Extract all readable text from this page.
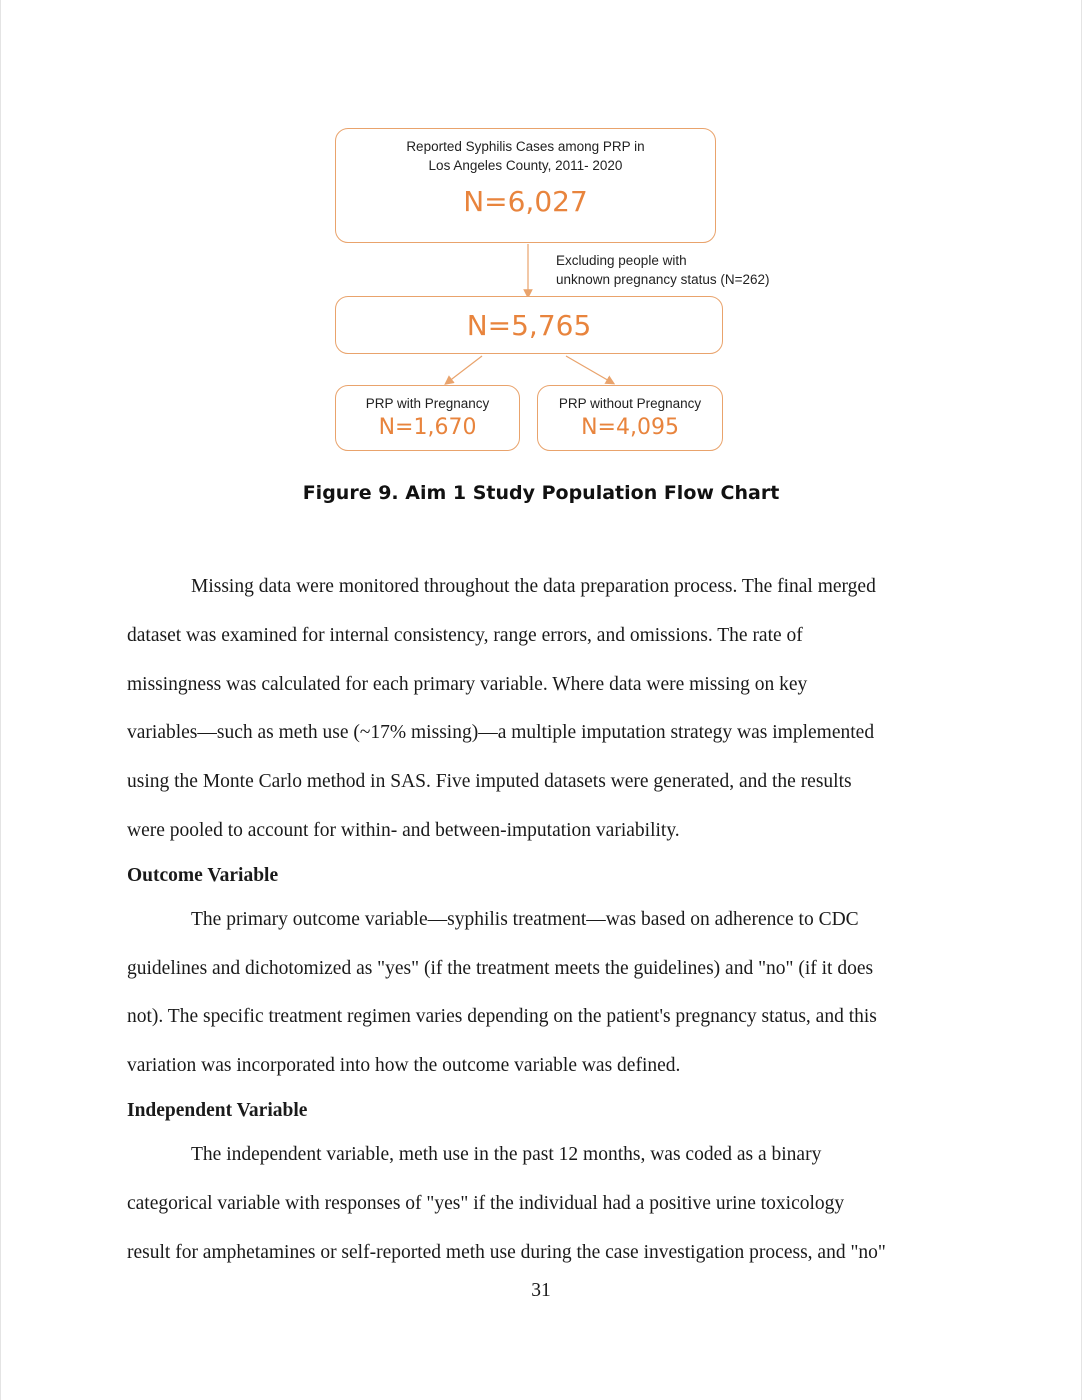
Reported Syphilis Cases among PRP in
Los Angeles County, 2011- 2020
N=6,027
Excluding people with
unknown pregnancy status (N=262)
N=5,765
PRP with Pregnancy
N=1,670
PRP without Pregnancy
N=4,095
Figure 9. Aim 1 Study Population Flow Chart

Missing data were monitored throughout the data preparation process. The final merged
dataset was examined for internal consistency, range errors, and omissions. The rate of
missingness was calculated for each primary variable. Where data were missing on key
variables—such as meth use (~17% missing)—a multiple imputation strategy was implemented
using the Monte Carlo method in SAS. Five imputed datasets were generated, and the results
were pooled to account for within- and between-imputation variability.

Outcome Variable

The primary outcome variable—syphilis treatment—was based on adherence to CDC
guidelines and dichotomized as "yes" (if the treatment meets the guidelines) and "no" (if it does
not). The specific treatment regimen varies depending on the patient's pregnancy status, and this
variation was incorporated into how the outcome variable was defined.

Independent Variable

The independent variable, meth use in the past 12 months, was coded as a binary
categorical variable with responses of "yes" if the individual had a positive urine toxicology
result for amphetamines or self-reported meth use during the case investigation process, and "no"

31
